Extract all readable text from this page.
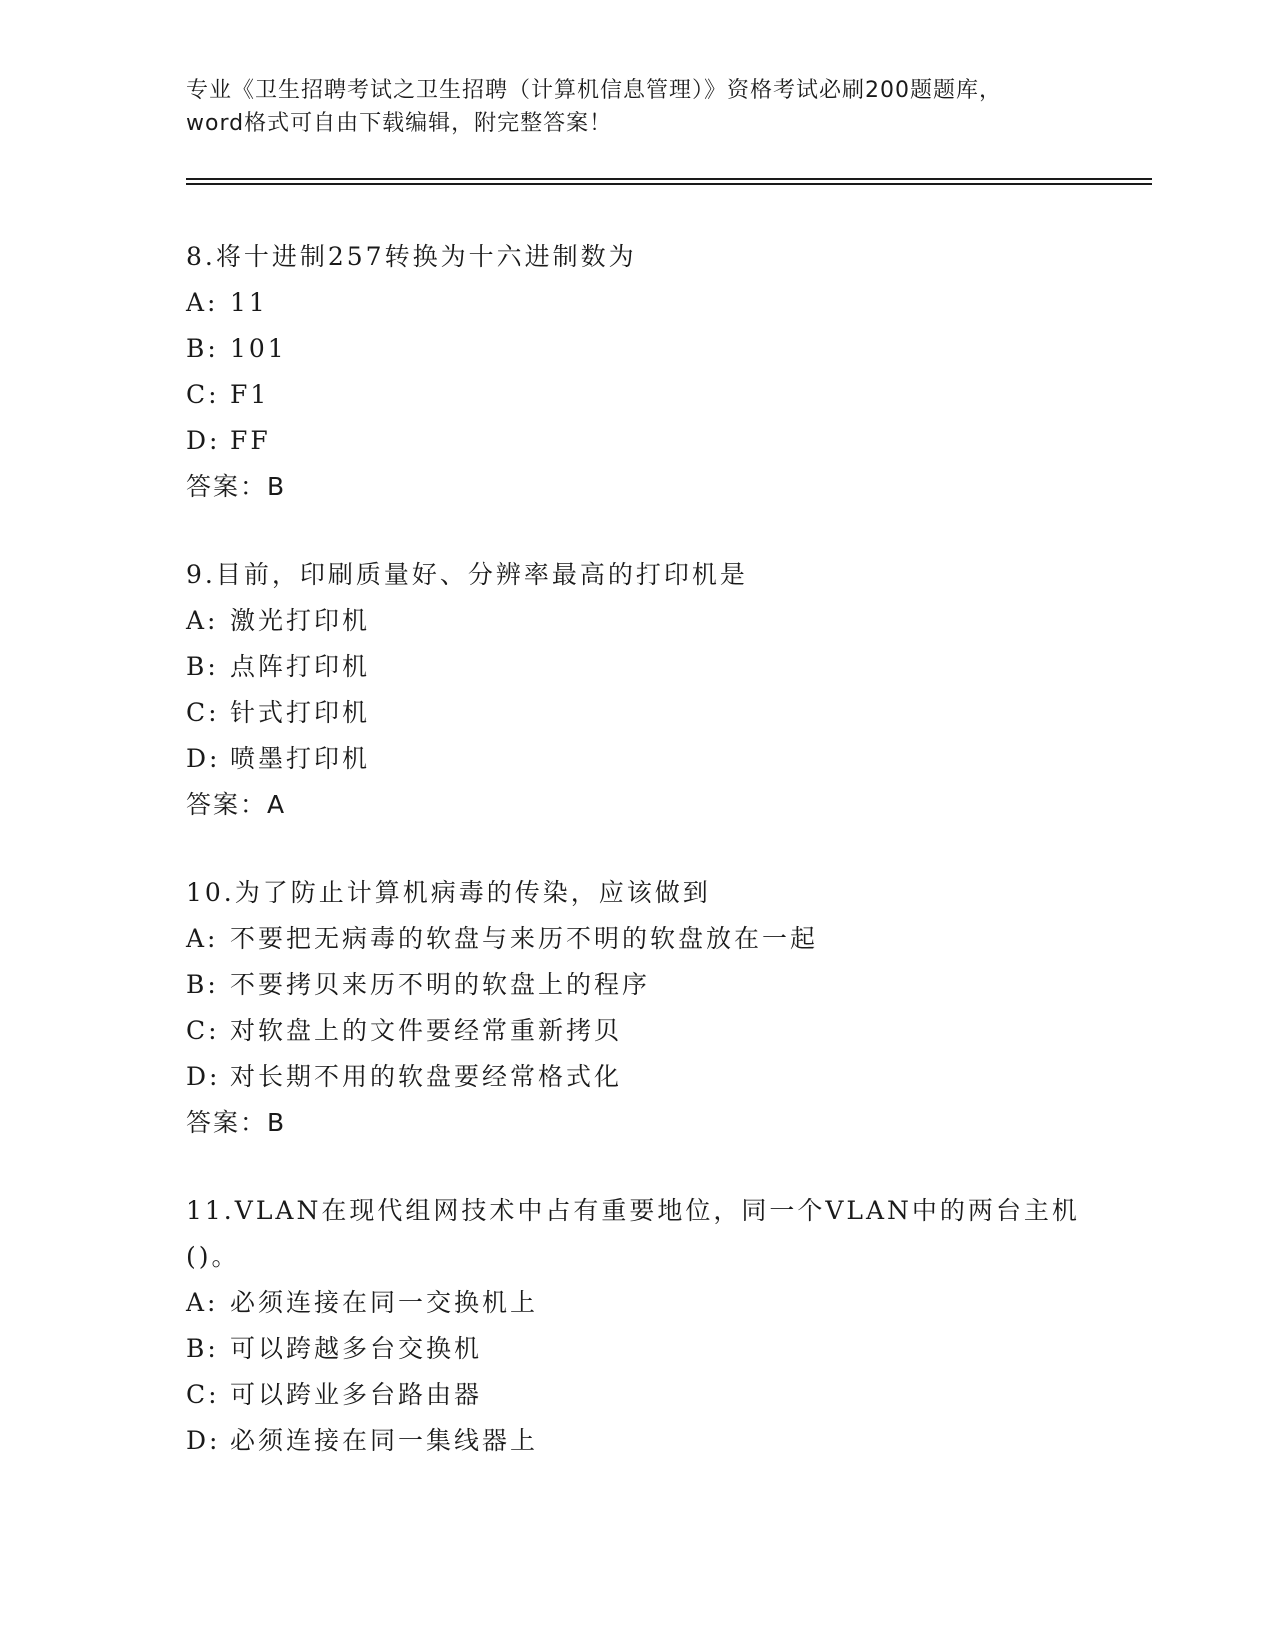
专业《卫生招聘考试之卫生招聘（计算机信息管理）》资格考试必刷200题题库，
word格式可自由下载编辑，附完整答案！
8.将十进制257转换为十六进制数为
A: 11
B: 101
C: F1
D: FF
答案：B
9.目前，印刷质量好、分辨率最高的打印机是
A: 激光打印机
B: 点阵打印机
C: 针式打印机
D: 喷墨打印机
答案：A
10.为了防止计算机病毒的传染，应该做到
A: 不要把无病毒的软盘与来历不明的软盘放在一起
B: 不要拷贝来历不明的软盘上的程序
C: 对软盘上的文件要经常重新拷贝
D: 对长期不用的软盘要经常格式化
答案：B
11.VLAN在现代组网技术中占有重要地位，同一个VLAN中的两台主机
()。
A: 必须连接在同一交换机上
B: 可以跨越多台交换机
C: 可以跨业多台路由器
D: 必须连接在同一集线器上
